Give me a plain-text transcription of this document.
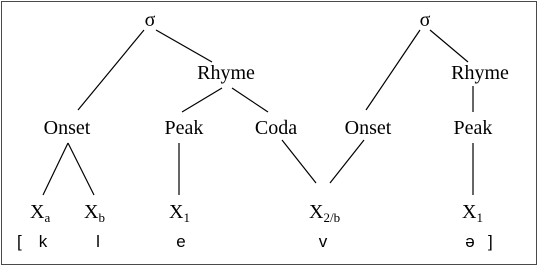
σ	σ
Rhyme	Rhyme
Onset	Peak	Coda Onset	Peak
$X_a$ $X_b$	$X_1$	$X_{2/b}$	$X_1$
[ k	l	e	v	ə ]
